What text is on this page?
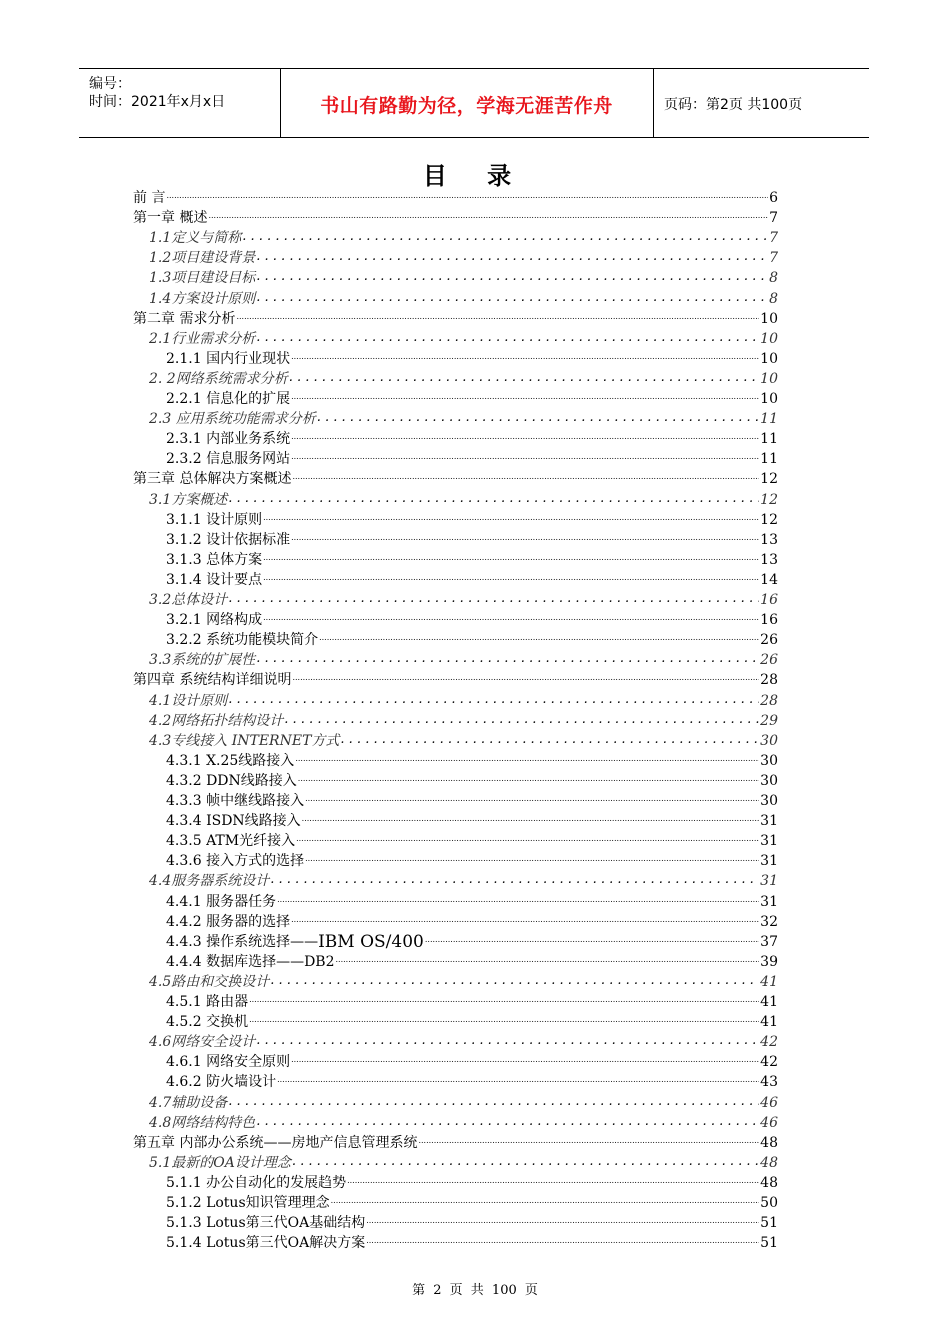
编号：
时间：2021年x月x日	书山有路勤为径，学海无涯苦作舟	页码：第2页 共100页
目 录
前 言 .....	6
第一章 概述 .....	7
1.1定义与简称 . . .	7
1.2项目建设背景 . . .	7
1.3项目建设目标 . . .	8
1.4方案设计原则 . . .	8
第二章 需求分析 .....	10
2.1行业需求分析 . . .	10
2.1.1 国内行业现状 .....	10
2. 2网络系统需求分析 . . .	10
2.2.1 信息化的扩展 .....	10
2.3 应用系统功能需求分析 . . .	11
2.3.1 内部业务系统 .....	11
2.3.2 信息服务网站 .....	11
第三章 总体解决方案概述 .....	12
3.1方案概述 . . .	12
3.1.1 设计原则 .....	12
3.1.2 设计依据标准 .....	13
3.1.3 总体方案 .....	13
3.1.4 设计要点 .....	14
3.2总体设计 . . .	16
3.2.1 网络构成 .....	16
3.2.2 系统功能模块简介 .....	26
3.3系统的扩展性 . . .	26
第四章 系统结构详细说明 .....	28
4.1设计原则 . . .	28
4.2网络拓扑结构设计 . . .	29
4.3专线接入 INTERNET方式 . . .	30
4.3.1 X.25线路接入 .....	30
4.3.2 DDN线路接入 .....	30
4.3.3 帧中继线路接入 .....	30
4.3.4 ISDN线路接入 .....	31
4.3.5 ATM光纤接入 .....	31
4.3.6 接入方式的选择 .....	31
4.4服务器系统设计 . . .	31
4.4.1 服务器任务 .....	31
4.4.2 服务器的选择 .....	32
4.4.3 操作系统选择—— IBM OS/400 .....	37
4.4.4 数据库选择——DB2 .....	39
4.5路由和交换设计 . . .	41
4.5.1 路由器 .....	41
4.5.2 交换机 .....	41
4.6网络安全设计 . . .	42
4.6.1 网络安全原则 .....	42
4.6.2 防火墙设计 .....	43
4.7辅助设备 . . .	46
4.8网络结构特色 . . .	46
第五章 内部办公系统——房地产信息管理系统 .....	48
5.1最新的OA设计理念 . . .	48
5.1.1 办公自动化的发展趋势 .....	48
5.1.2 Lotus知识管理理念 .....	50
5.1.3 Lotus第三代OA基础结构 .....	51
5.1.4 Lotus第三代OA解决方案 .....	51
第 2 页 共 100 页
